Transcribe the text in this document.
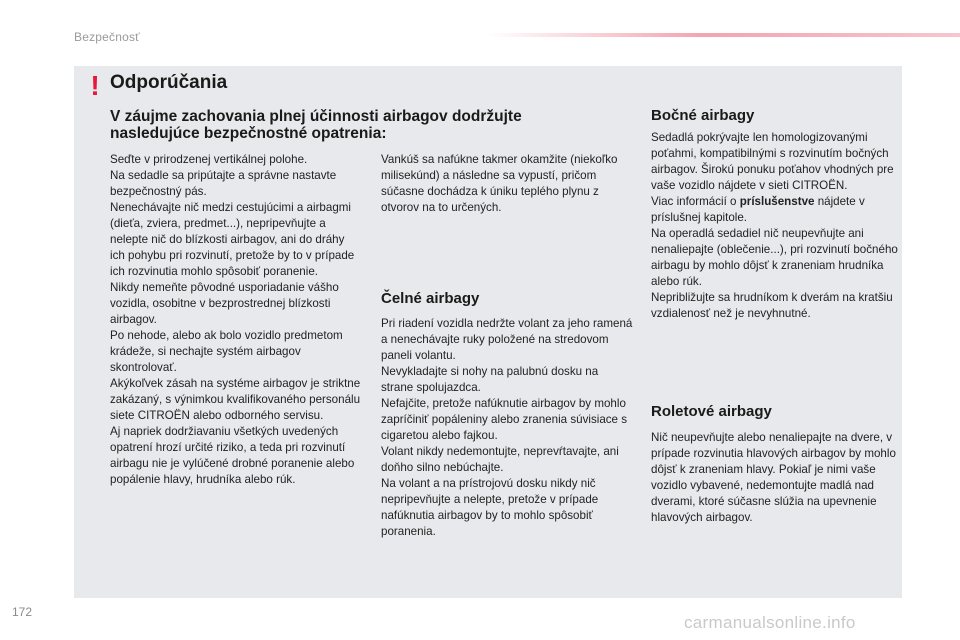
Bezpečnosť
! Odporúčania
V záujme zachovania plnej účinnosti airbagov dodržujte nasledujúce bezpečnostné opatrenia:

Seďte v prirodzenej vertikálnej polohe.

Na sedadle sa pripútajte a správne nastavte bezpečnostný pás.

Nenechávajte nič medzi cestujúcimi a airbagmi (dieťa, zviera, predmet...), nepripevňujte a nelepte nič do blízkosti airbagov, ani do dráhy ich pohybu pri rozvinutí, pretože by to v prípade ich rozvinutia mohlo spôsobiť poranenie.

Nikdy nemeňte pôvodné usporiadanie vášho vozidla, osobitne v bezprostrednej blízkosti airbagov.

Po nehode, alebo ak bolo vozidlo predmetom krádeže, si nechajte systém airbagov skontrolovať.

Akýkoľvek zásah na systéme airbagov je striktne zakázaný, s výnimkou kvalifikovaného personálu siete CITROËN alebo odborného servisu.

Aj napriek dodržiavaniu všetkých uvedených opatrení hrozí určité riziko, a teda pri rozvinutí airbagu nie je vylúčené drobné poranenie alebo popálenie hlavy, hrudníka alebo rúk.

Vankúš sa nafúkne takmer okamžite (niekoľko milisekúnd) a následne sa vypustí, pričom súčasne dochádza k úniku teplého plynu z otvorov na to určených.

Čelné airbagy

Pri riadení vozidla nedržte volant za jeho ramená a nenechávajte ruky položené na stredovom paneli volantu.

Nevykladajte si nohy na palubnú dosku na strane spolujazdca.

Nefajčite, pretože nafúknutie airbagov by mohlo zapríčiniť popáleniny alebo zranenia súvisiace s cigaretou alebo fajkou.

Volant nikdy nedemontujte, neprevŕtavajte, ani doňho silno nebúchajte.

Na volant a na prístrojovú dosku nikdy nič nepripevňujte a nelepte, pretože v prípade nafúknutia airbagov by to mohlo spôsobiť poranenia.

Bočné airbagy

Sedadlá pokrývajte len homologizovanými poťahmi, kompatibilnými s rozvinutím bočných airbagov. Širokú ponuku poťahov vhodných pre vaše vozidlo nájdete v sieti CITROËN.

Viac informácií o príslušenstve nájdete v príslušnej kapitole.

Na operadlá sedadiel nič neupevňujte ani nenaliepajte (oblečenie...), pri rozvinutí bočného airbagu by mohlo dôjsť k zraneniam hrudníka alebo rúk.

Nepribližujte sa hrudníkom k dverám na kratšiu vzdialenosť než je nevyhnutné.

Roletové airbagy

Nič neupevňujte alebo nenaliepajte na dvere, v prípade rozvinutia hlavových airbagov by mohlo dôjsť k zraneniam hlavy. Pokiaľ je nimi vaše vozidlo vybavené, nedemontujte madlá nad dverami, ktoré súčasne slúžia na upevnenie hlavových airbagov.

172
carmanualsonline.info
